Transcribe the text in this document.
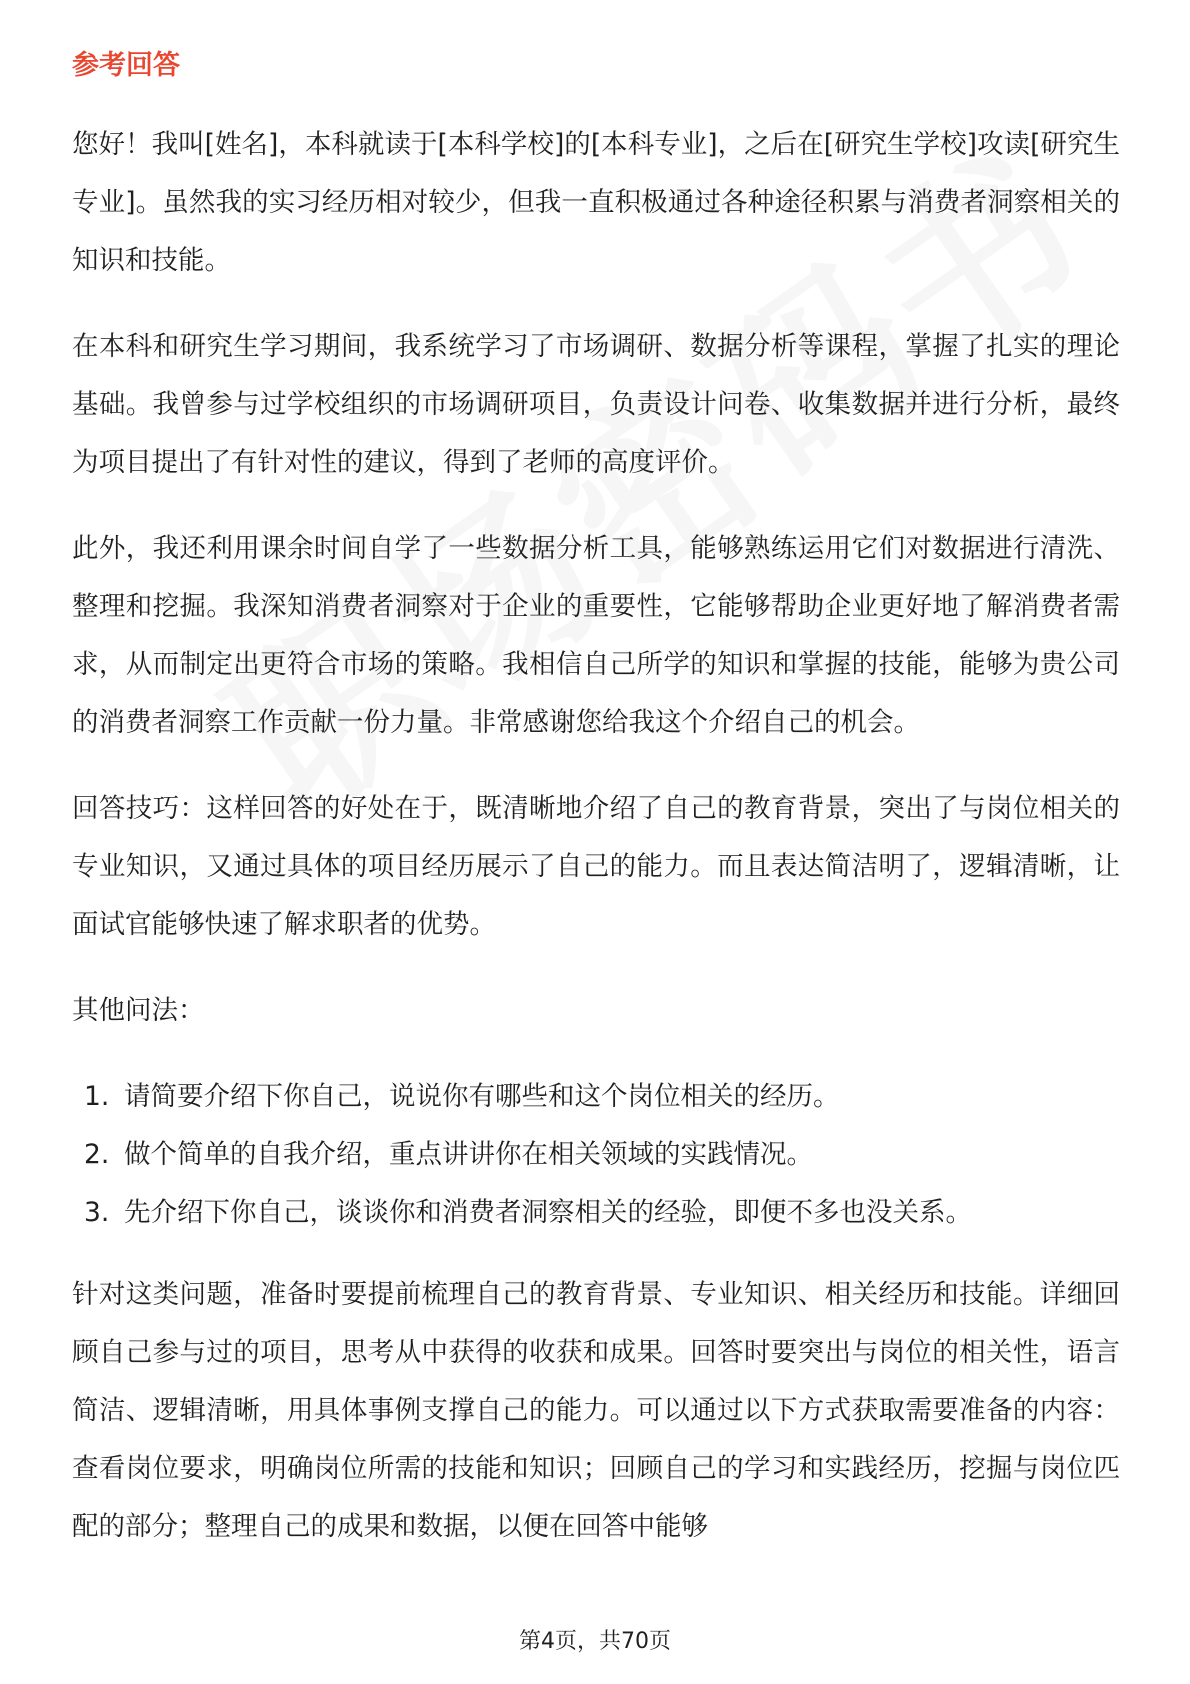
参考回答

您好！我叫[姓名]，本科就读于[本科学校]的[本科专业]，之后在[研究生学校]攻读[研究生专业]。虽然我的实习经历相对较少，但我一直积极通过各种途径积累与消费者洞察相关的知识和技能。

在本科和研究生学习期间，我系统学习了市场调研、数据分析等课程，掌握了扎实的理论基础。我曾参与过学校组织的市场调研项目，负责设计问卷、收集数据并进行分析，最终为项目提出了有针对性的建议，得到了老师的高度评价。

此外，我还利用课余时间自学了一些数据分析工具，能够熟练运用它们对数据进行清洗、整理和挖掘。我深知消费者洞察对于企业的重要性，它能够帮助企业更好地了解消费者需求，从而制定出更符合市场的策略。我相信自己所学的知识和掌握的技能，能够为贵公司的消费者洞察工作贡献一份力量。非常感谢您给我这个介绍自己的机会。

回答技巧：这样回答的好处在于，既清晰地介绍了自己的教育背景，突出了与岗位相关的专业知识，又通过具体的项目经历展示了自己的能力。而且表达简洁明了，逻辑清晰，让面试官能够快速了解求职者的优势。

其他问法：

1. 请简要介绍下你自己，说说你有哪些和这个岗位相关的经历。
2. 做个简单的自我介绍，重点讲讲你在相关领域的实践情况。
3. 先介绍下你自己，谈谈你和消费者洞察相关的经验，即便不多也没关系。

针对这类问题，准备时要提前梳理自己的教育背景、专业知识、相关经历和技能。详细回顾自己参与过的项目，思考从中获得的收获和成果。回答时要突出与岗位的相关性，语言简洁、逻辑清晰，用具体事例支撑自己的能力。可以通过以下方式获取需要准备的内容：查看岗位要求，明确岗位所需的技能和知识；回顾自己的学习和实践经历，挖掘与岗位匹配的部分；整理自己的成果和数据，以便在回答中能够

第4页，共70页
